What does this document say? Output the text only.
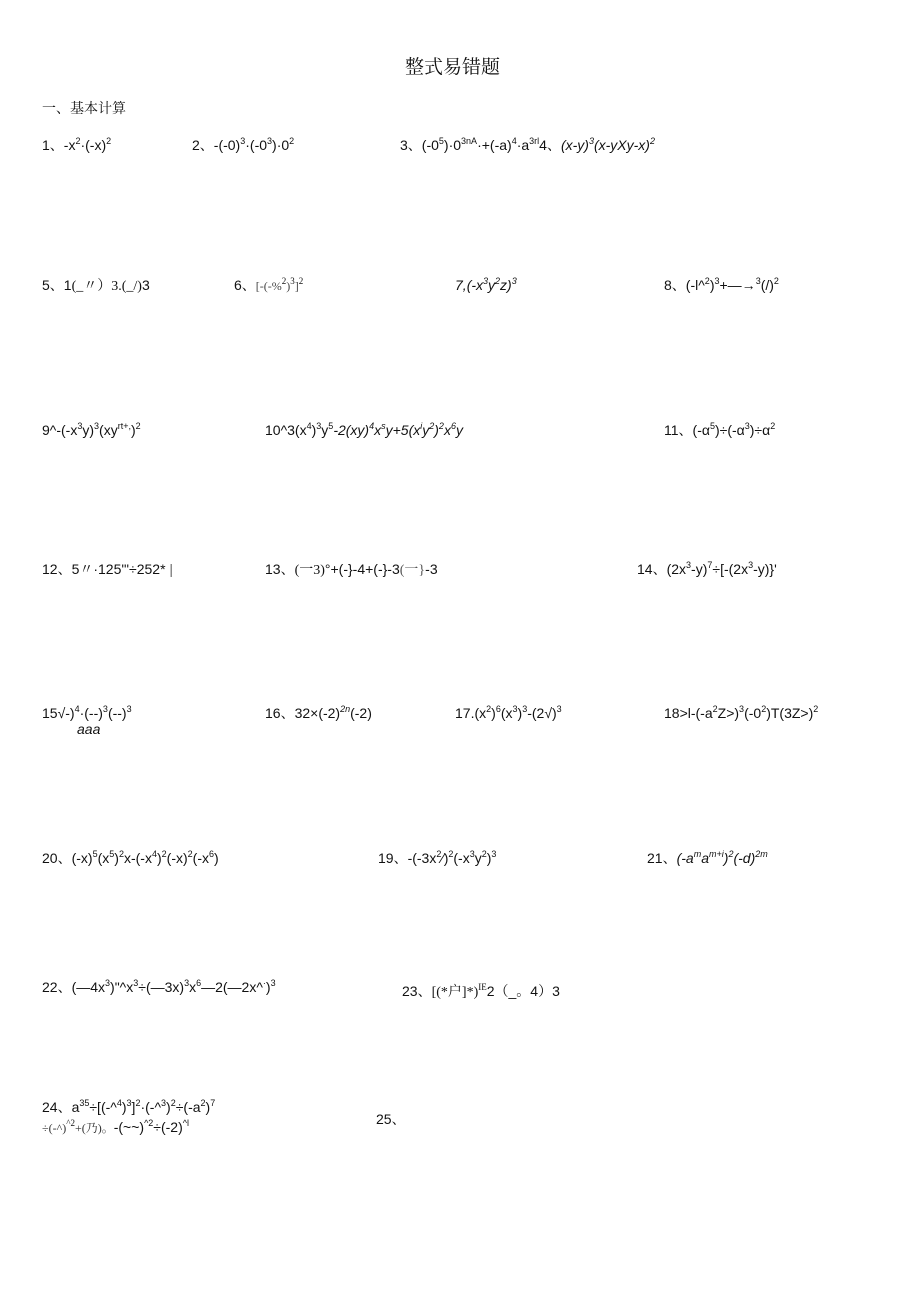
整式易错题
一、基本计算
1、$-x^2\cdot(-x)^2$	2、$-(-0)^3\cdot(-0^3)\cdot 0^2$	3、$(-0^5)\cdot 0^{3nA}\cdot+(-a)^4\cdot a^{3rl}4$、$(x-y)^3(x-yXy-x)^2$
5、1(_〃）3.(_/)3	6、$[-(-\%^2)^3]^2$	$7,(-x^3y^2z)^3$	8、$(-l\^{}^2)^3+—\to^3(/)^2$
$9\^{}-(-x^3y)^3(xy^{rt+,})^2$	$10\^{}3(x^4)^3y^5-2(xy)^4x^sy+5(x^iy^2)^2x^6y$	11、$(-\alpha^5)\div(-\alpha^3)\div\alpha^2$
12、5〃·125'"÷252* |	13、(一3)°+(-}-4+(-}-3(一}-3	14、$(2x^3-y)^7\div[-(2x^3-y)\}'$
$15√-)^4\cdot(--)^3(--)^3$
aaa
16、$32\times(-2)^{2n}(-2)$	$17.(x^2)^6(x^3)^3-(2√)^3$	$18>l-(-a^2Z>)^3(-0^2)T(3Z>)^2$
20、$(-x)^5(x^5)^2x-(-x^4)^2(-x)^2(-x^6)$	19、$-(-3x^2⁄)^2(-x^3y^2)^3$	21、$(-a^ma^{m+i})^2(-d)^{2m}$
22、$(—4x^3)"\^{}x^3\div(—3x)^3x^6—2(—2x\^{}^\cdot)^3$	23、[(*户]*)$^{IE}$2（_。4）3
24、$a^{35}\div[(-\^{}^4)^3]^2\cdot(-\^{}^3)^2\div(-a^2)^7$
÷(-^)$^{\^{}2}$+(乃)。$-(\sim\sim)^{\^{}2}\div(-2)^{\^{}l}$	25、
